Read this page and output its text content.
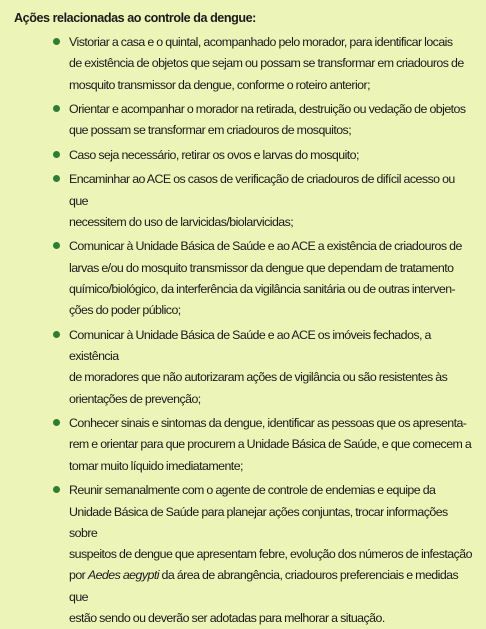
Ações relacionadas ao controle da dengue:
Vistoriar a casa e o quintal, acompanhado pelo morador, para identificar locais
de existência de objetos que sejam ou possam se transformar em criadouros de
mosquito transmissor da dengue, conforme o roteiro anterior;
Orientar e acompanhar o morador na retirada, destruição ou vedação de objetos
que possam se transformar em criadouros de mosquitos;
Caso seja necessário, retirar os ovos e larvas do mosquito;
Encaminhar ao ACE os casos de verificação de criadouros de difícil acesso ou que
necessitem do uso de larvicidas/biolarvicidas;
Comunicar à Unidade Básica de Saúde e ao ACE a existência de criadouros de
larvas e/ou do mosquito transmissor da dengue que dependam de tratamento
químico/biológico, da interferência da vigilância sanitária ou de outras interven-
ções do poder público;
Comunicar à Unidade Básica de Saúde e ao ACE os imóveis fechados, a existência
de moradores que não autorizaram ações de vigilância ou são resistentes às
orientações de prevenção;
Conhecer sinais e sintomas da dengue, identificar as pessoas que os apresenta-
rem e orientar para que procurem a Unidade Básica de Saúde, e que comecem a
tomar muito líquido imediatamente;
Reunir semanalmente com o agente de controle de endemias e equipe da
Unidade Básica de Saúde para planejar ações conjuntas, trocar informações sobre
suspeitos de dengue que apresentam febre, evolução dos números de infestação
por Aedes aegypti da área de abrangência, criadouros preferenciais e medidas que
estão sendo ou deverão ser adotadas para melhorar a situação.
